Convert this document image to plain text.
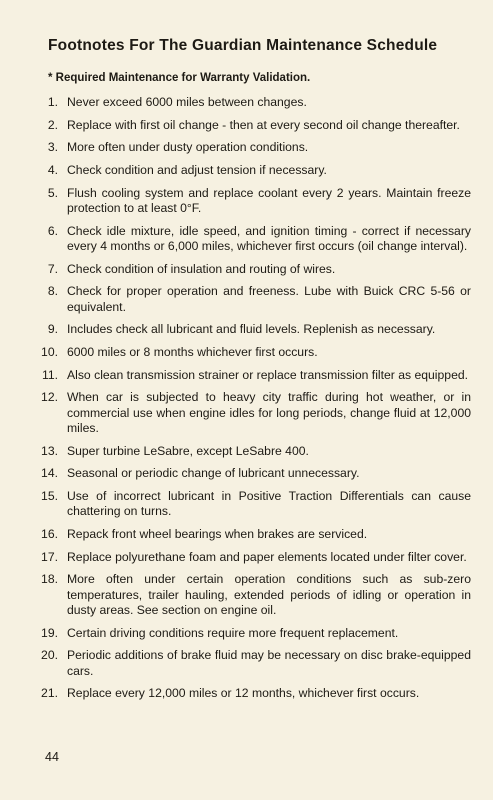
Footnotes For The Guardian Maintenance Schedule
* Required Maintenance for Warranty Validation.
1. Never exceed 6000 miles between changes.
2. Replace with first oil change - then at every second oil change thereafter.
3. More often under dusty operation conditions.
4. Check condition and adjust tension if necessary.
5. Flush cooling system and replace coolant every 2 years. Maintain freeze protection to at least 0°F.
6. Check idle mixture, idle speed, and ignition timing - correct if necessary every 4 months or 6,000 miles, whichever first occurs (oil change interval).
7. Check condition of insulation and routing of wires.
8. Check for proper operation and freeness. Lube with Buick CRC 5-56 or equivalent.
9. Includes check all lubricant and fluid levels. Replenish as necessary.
10. 6000 miles or 8 months whichever first occurs.
11. Also clean transmission strainer or replace transmission filter as equipped.
12. When car is subjected to heavy city traffic during hot weather, or in commercial use when engine idles for long periods, change fluid at 12,000 miles.
13. Super turbine LeSabre, except LeSabre 400.
14. Seasonal or periodic change of lubricant unnecessary.
15. Use of incorrect lubricant in Positive Traction Differentials can cause chattering on turns.
16. Repack front wheel bearings when brakes are serviced.
17. Replace polyurethane foam and paper elements located under filter cover.
18. More often under certain operation conditions such as sub-zero temperatures, trailer hauling, extended periods of idling or operation in dusty areas. See section on engine oil.
19. Certain driving conditions require more frequent replacement.
20. Periodic additions of brake fluid may be necessary on disc brake-equipped cars.
21. Replace every 12,000 miles or 12 months, whichever first occurs.
44
